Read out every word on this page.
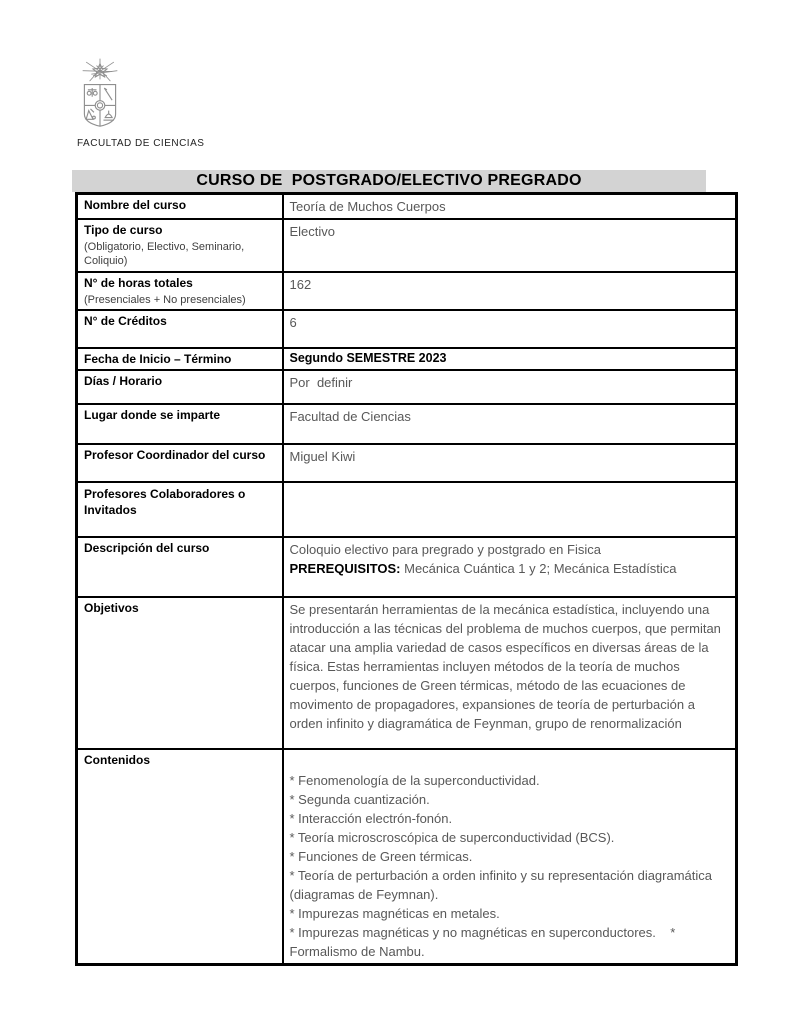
FACULTAD DE CIENCIAS
CURSO DE  POSTGRADO/ELECTIVO PREGRADO
Nombre del curso	Teoría de Muchos Cuerpos

Tipo de curso
(Obligatorio, Electivo, Seminario, Coliquio)	Electivo

N° de horas totales
(Presenciales + No presenciales)	162

N° de Créditos	6

Fecha de Inicio – Término	Segundo SEMESTRE 2023

Días / Horario	Por  definir

Lugar donde se imparte	Facultad de Ciencias

Profesor Coordinador del curso	Miguel Kiwi

Profesores Colaboradores o Invitados	

Descripción del curso	Coloquio electivo para pregrado y postgrado en Fisica
PREREQUISITOS: Mecánica Cuántica 1 y 2; Mecánica Estadística

Objetivos	Se presentarán herramientas de la mecánica estadística, incluyendo una introducción a las técnicas del problema de muchos cuerpos, que permitan atacar una amplia variedad de casos específicos en diversas áreas de la física. Estas herramientas incluyen métodos de la teoría de muchos cuerpos, funciones de Green térmicas, método de las ecuaciones de movimento de propagadores, expansiones de teoría de perturbación a orden infinito y diagramática de Feynman, grupo de renormalización

Contenidos

* Fenomenología de la superconductividad.
* Segunda cuantización.
* Interacción electrón-fonón.
* Teoría microscroscópica de superconductividad (BCS).
* Funciones de Green térmicas.
* Teoría de perturbación a orden infinito y su representación diagramática (diagramas de Feymnan).
* Impurezas magnéticas en metales.
* Impurezas magnéticas y no magnéticas en superconductores.    * Formalismo de Nambu.
